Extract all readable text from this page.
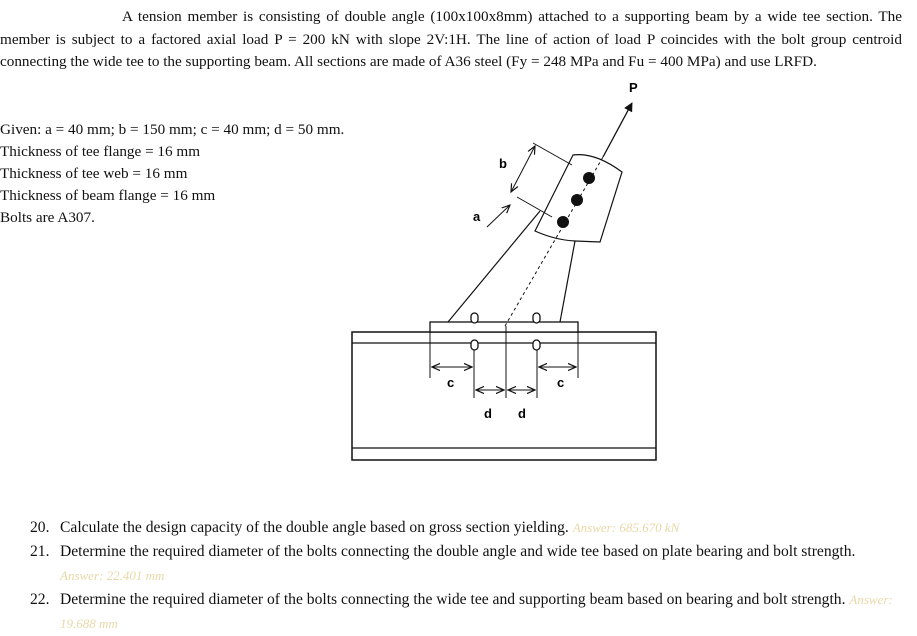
A tension member is consisting of double angle (100x100x8mm) attached to a supporting beam by a wide tee section. The member is subject to a factored axial load P = 200 kN with slope 2V:1H. The line of action of load P coincides with the bolt group centroid connecting the wide tee to the supporting beam. All sections are made of A36 steel (Fy = 248 MPa and Fu = 400 MPa) and use LRFD.
Given: a = 40 mm; b = 150 mm; c = 40 mm; d = 50 mm.
Thickness of tee flange = 16 mm
Thickness of tee web = 16 mm
Thickness of beam flange = 16 mm
Bolts are A307.
P
b
a
c	c
d d
20. Calculate the design capacity of the double angle based on gross section yielding. Answer: 685.670 kN
21. Determine the required diameter of the bolts connecting the double angle and wide tee based on plate bearing and bolt strength. Answer: 22.401 mm
22. Determine the required diameter of the bolts connecting the wide tee and supporting beam based on bearing and bolt strength. Answer: 19.688 mm
